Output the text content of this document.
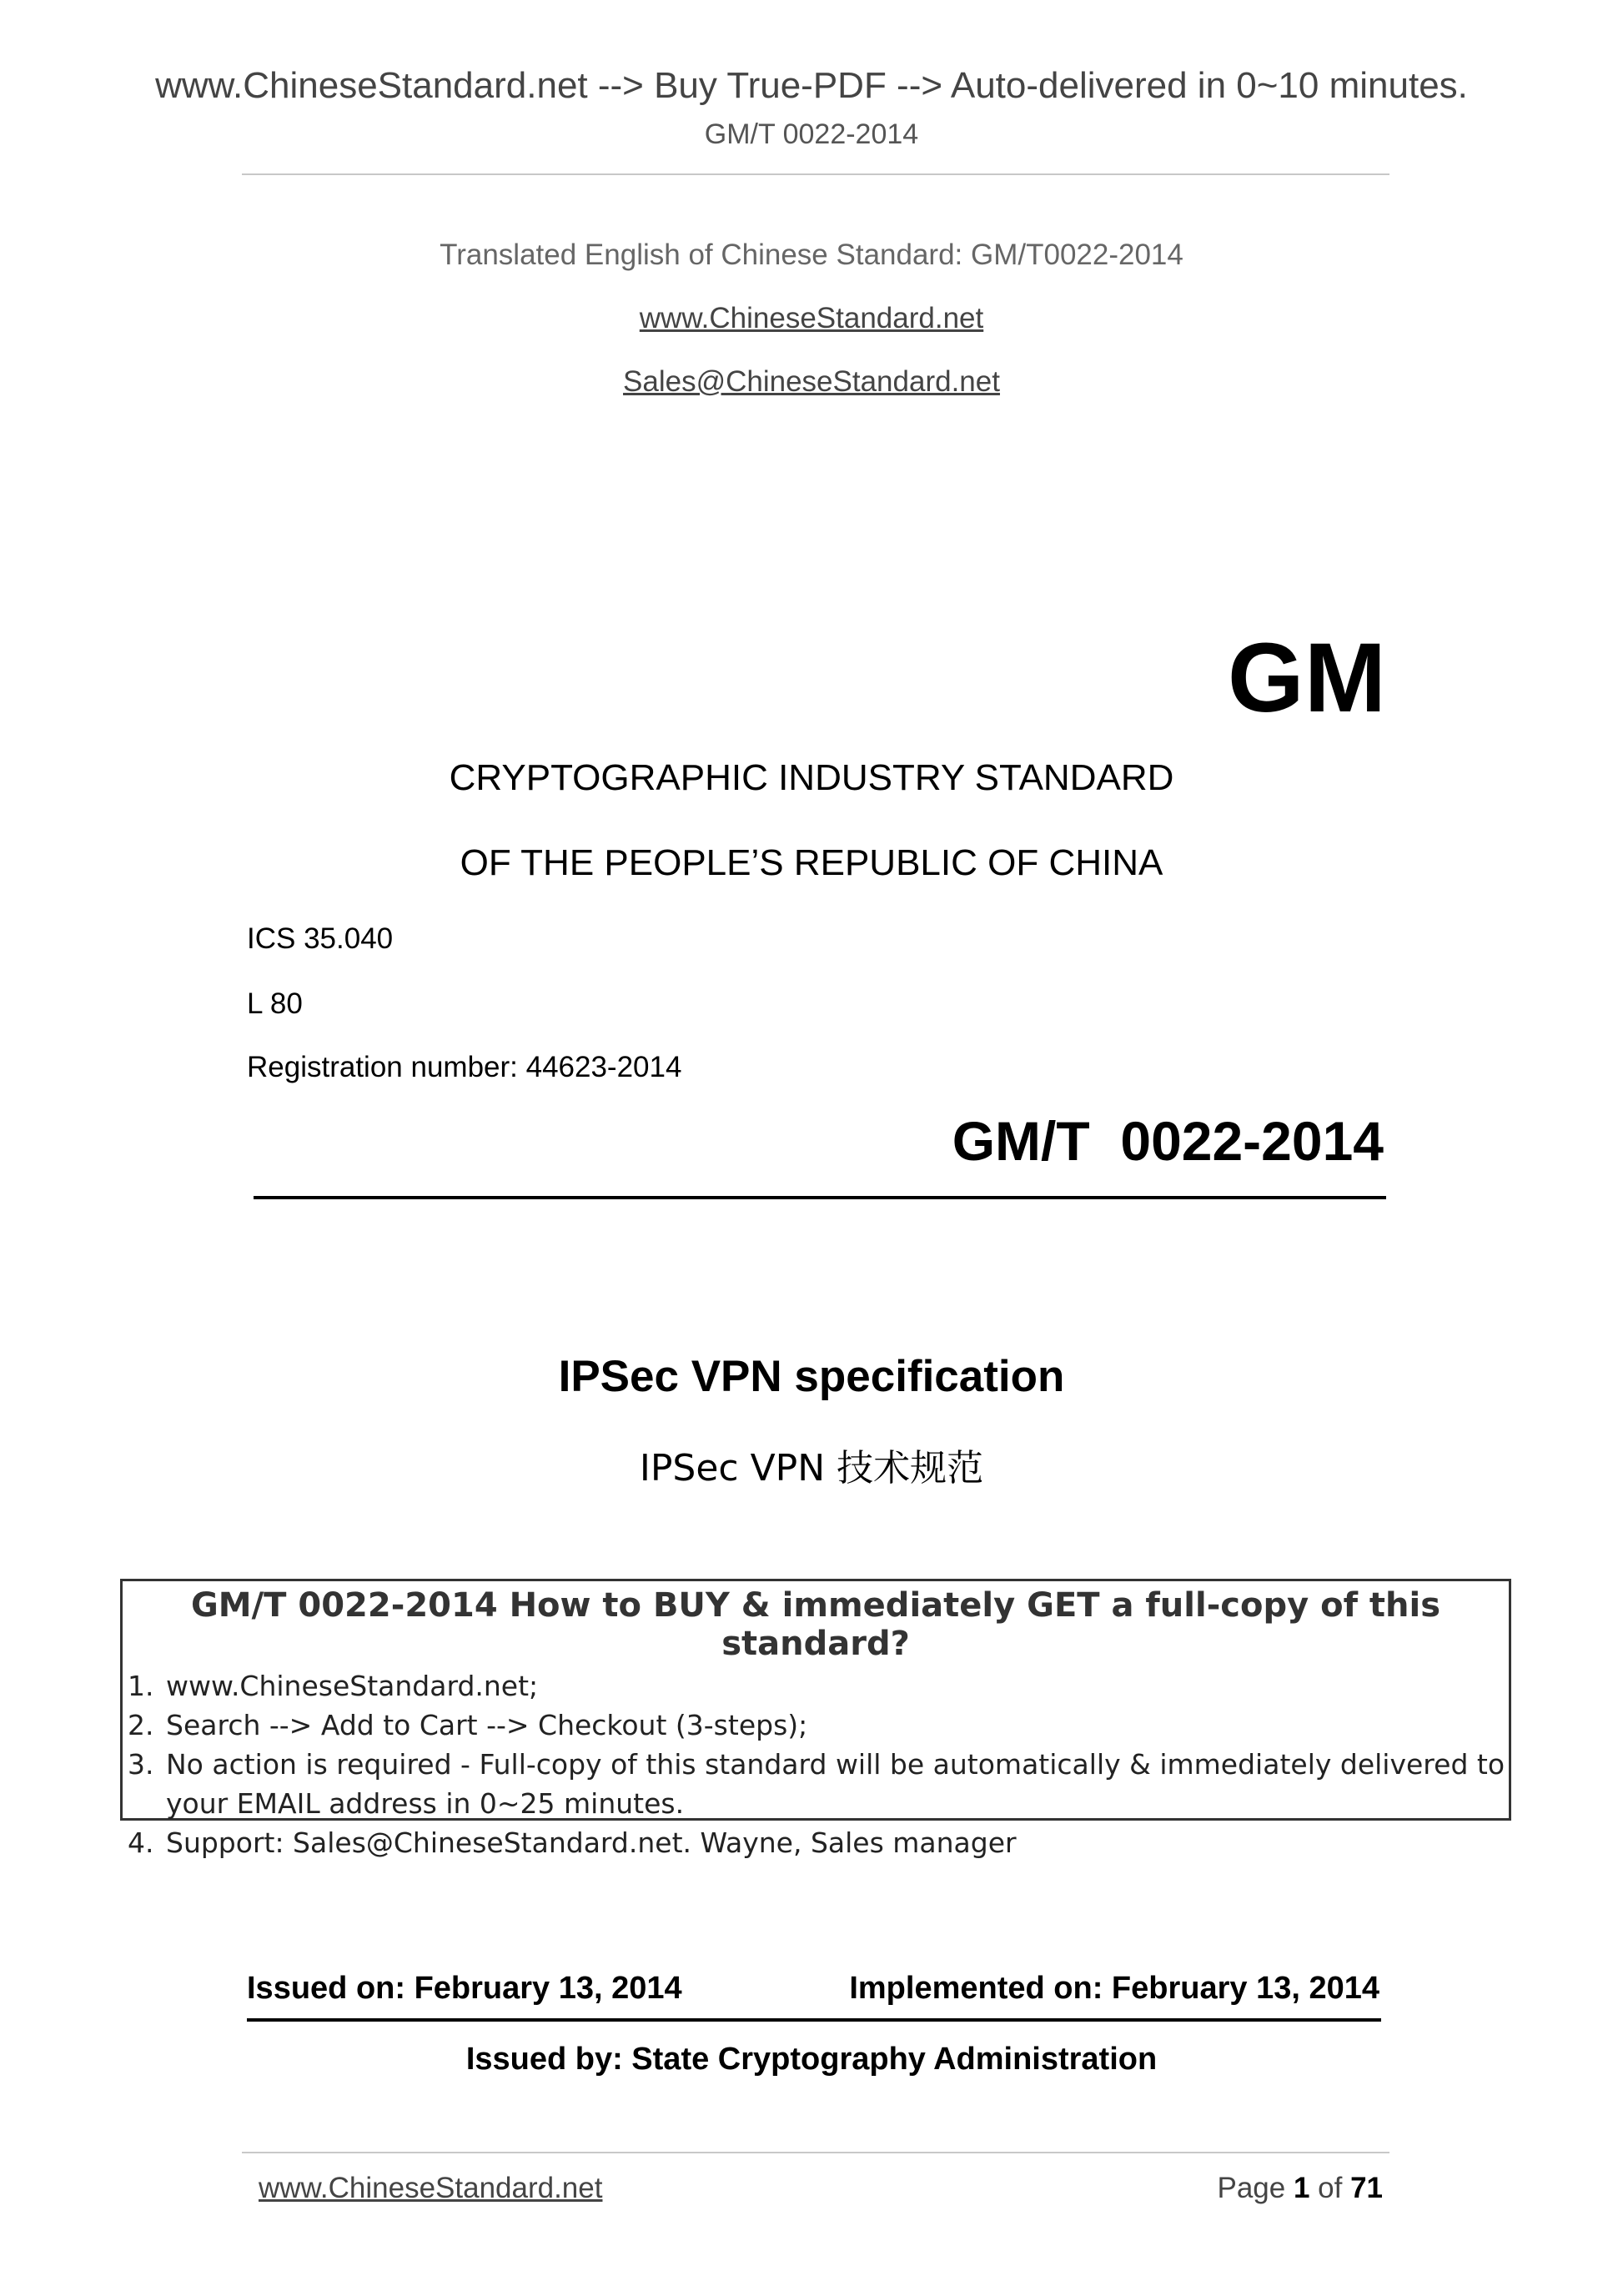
www.ChineseStandard.net --> Buy True-PDF --> Auto-delivered in 0~10 minutes.
GM/T 0022-2014
Translated English of Chinese Standard: GM/T0022-2014
www.ChineseStandard.net
Sales@ChineseStandard.net
GM
CRYPTOGRAPHIC INDUSTRY STANDARD
OF THE PEOPLE’S REPUBLIC OF CHINA
ICS 35.040
L 80
Registration number: 44623-2014
GM/T  0022-2014
IPSec VPN specification
IPSec VPN 技术规范
GM/T 0022-2014 How to BUY & immediately GET a full-copy of this standard?
1. www.ChineseStandard.net;
2. Search --> Add to Cart --> Checkout (3-steps);
3. No action is required - Full-copy of this standard will be automatically & immediately delivered to your EMAIL address in 0~25 minutes.
4. Support: Sales@ChineseStandard.net. Wayne, Sales manager
Issued on: February 13, 2014	Implemented on: February 13, 2014
Issued by: State Cryptography Administration
www.ChineseStandard.net	Page 1 of 71
